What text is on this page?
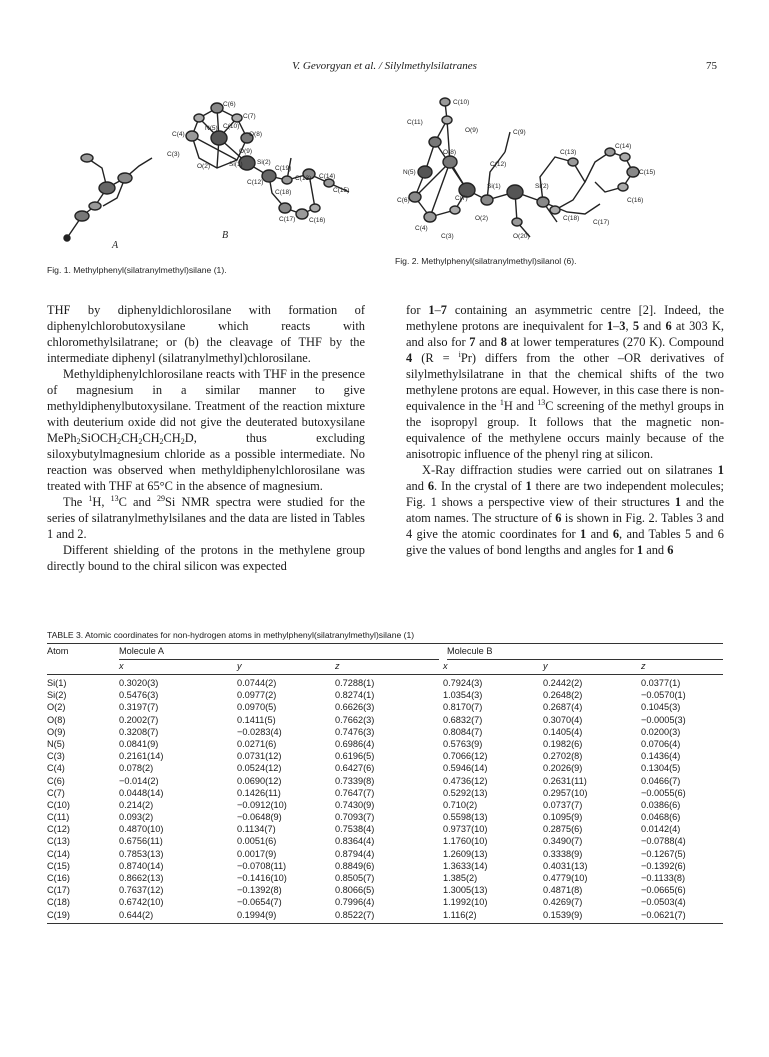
V. Gevorgyan et al. / Silylmethylsilatranes	75
C(6)
C(7)
N(5)
C(4)
C(10)
O(8)
C(3)	O(9)
Si(1)
O(2)
Si(2)
C(12)
C(19)
C(13) C(14)
C(15)
C(18)
C(17) C(16)
A
B
Fig. 1. Methylphenyl(silatranylmethyl)silane (1).
C(10)
C(11)
O(9)	C(9)
N(5)
O(8)
C(12)
Si(1)
C(13)
Si(2)
C(14)
C(15)
C(6)	C(7)
C(4)
O(2)
O(20)
C(18)
C(16)
C(3)
C(17)
Fig. 2. Methylphenyl(silatranylmethyl)silanol (6).

THF by diphenyldichlorosilane with formation of diphenylchlorobutoxysilane which reacts with chloromethylsilatrane; or (b) the cleavage of THF by the intermediate diphenyl (silatranylmethyl)chlorosilane.

Methyldiphenylchlorosilane reacts with THF in the presence of magnesium in a similar manner to give methyldiphenylbutoxysilane. Treatment of the reaction mixture with deuterium oxide did not give the deuterated butoxysilane $MePh_2SiOCH_2CH_2CH_2CH_2D$, thus excluding siloxybutylmagnesium chloride as a possible intermediate. No reaction was observed when methyldiphenylchlorosilane was treated with THF at 65°C in the absence of magnesium.

The $^1$H, $^{13}$C and $^{29}$Si NMR spectra were studied for the series of silatranylmethylsilanes and the data are listed in Tables 1 and 2.

Different shielding of the protons in the methylene group directly bound to the chiral silicon was expected

for 1–7 containing an asymmetric centre [2]. Indeed, the methylene protons are inequivalent for 1–3, 5 and 6 at 303 K, and also for 7 and 8 at lower temperatures (270 K). Compound 4 (R = $^i$Pr) differs from the other –OR derivatives of silylmethylsilatrane in that the chemical shifts of the two methylene protons are equal. However, in this case there is non-equivalence in the $^1$H and $^{13}$C screening of the methyl groups in the isopropyl group. It follows that the magnetic non-equivalence of the methylene occurs mainly because of the anisotropic influence of the phenyl ring at silicon.

X-Ray diffraction studies were carried out on silatranes 1 and 6. In the crystal of 1 there are two independent molecules; Fig. 1 shows a perspective view of their structures 1 and the atom names. The structure of 6 is shown in Fig. 2. Tables 3 and 4 give the atomic coordinates for 1 and 6, and Tables 5 and 6 give the values of bond lengths and angles for 1 and 6

TABLE 3. Atomic coordinates for non-hydrogen atoms in methylphenyl(silatranylmethyl)silane (1)
Atom	Molecule A	Molecule B
x	y	z	x	y	z
Si(1)	0.3020(3)	0.0744(2)	0.7288(1)	0.7924(3)	0.2442(2)	0.0377(1)
Si(2)	0.5476(3)	0.0977(2)	0.8274(1)	1.0354(3)	0.2648(2)	−0.0570(1)
O(2)	0.3197(7)	0.0970(5)	0.6626(3)	0.8170(7)	0.2687(4)	0.1045(3)
O(8)	0.2002(7)	0.1411(5)	0.7662(3)	0.6832(7)	0.3070(4)	−0.0005(3)
O(9)	0.3208(7)	−0.0283(4)	0.7476(3)	0.8084(7)	0.1405(4)	0.0200(3)
N(5)	0.0841(9)	0.0271(6)	0.6986(4)	0.5763(9)	0.1982(6)	0.0706(4)
C(3)	0.2161(14)	0.0731(12)	0.6196(5)	0.7066(12)	0.2702(8)	0.1436(4)
C(4)	0.078(2)	0.0524(12)	0.6427(6)	0.5946(14)	0.2026(9)	0.1304(5)
C(6)	−0.014(2)	0.0690(12)	0.7339(8)	0.4736(12)	0.2631(11)	0.0466(7)
C(7)	0.0448(14)	0.1426(11)	0.7647(7)	0.5292(13)	0.2957(10)	−0.0055(6)
C(10)	0.214(2)	−0.0912(10)	0.7430(9)	0.710(2)	0.0737(7)	0.0386(6)
C(11)	0.093(2)	−0.0648(9)	0.7093(7)	0.5598(13)	0.1095(9)	0.0468(6)
C(12)	0.4870(10)	0.1134(7)	0.7538(4)	0.9737(10)	0.2875(6)	0.0142(4)
C(13)	0.6756(11)	0.0051(6)	0.8364(4)	1.1760(10)	0.3490(7)	−0.0788(4)
C(14)	0.7853(13)	0.0017(9)	0.8794(4)	1.2609(13)	0.3338(9)	−0.1267(5)
C(15)	0.8740(14)	−0.0708(11)	0.8849(6)	1.3633(14)	0.4031(13)	−0.1392(6)
C(16)	0.8662(13)	−0.1416(10)	0.8505(7)	1.385(2)	0.4779(10)	−0.1133(8)
C(17)	0.7637(12)	−0.1392(8)	0.8066(5)	1.3005(13)	0.4871(8)	−0.0665(6)
C(18)	0.6742(10)	−0.0654(7)	0.7996(4)	1.1992(10)	0.4269(7)	−0.0503(4)
C(19)	0.644(2)	0.1994(9)	0.8522(7)	1.116(2)	0.1539(9)	−0.0621(7)
